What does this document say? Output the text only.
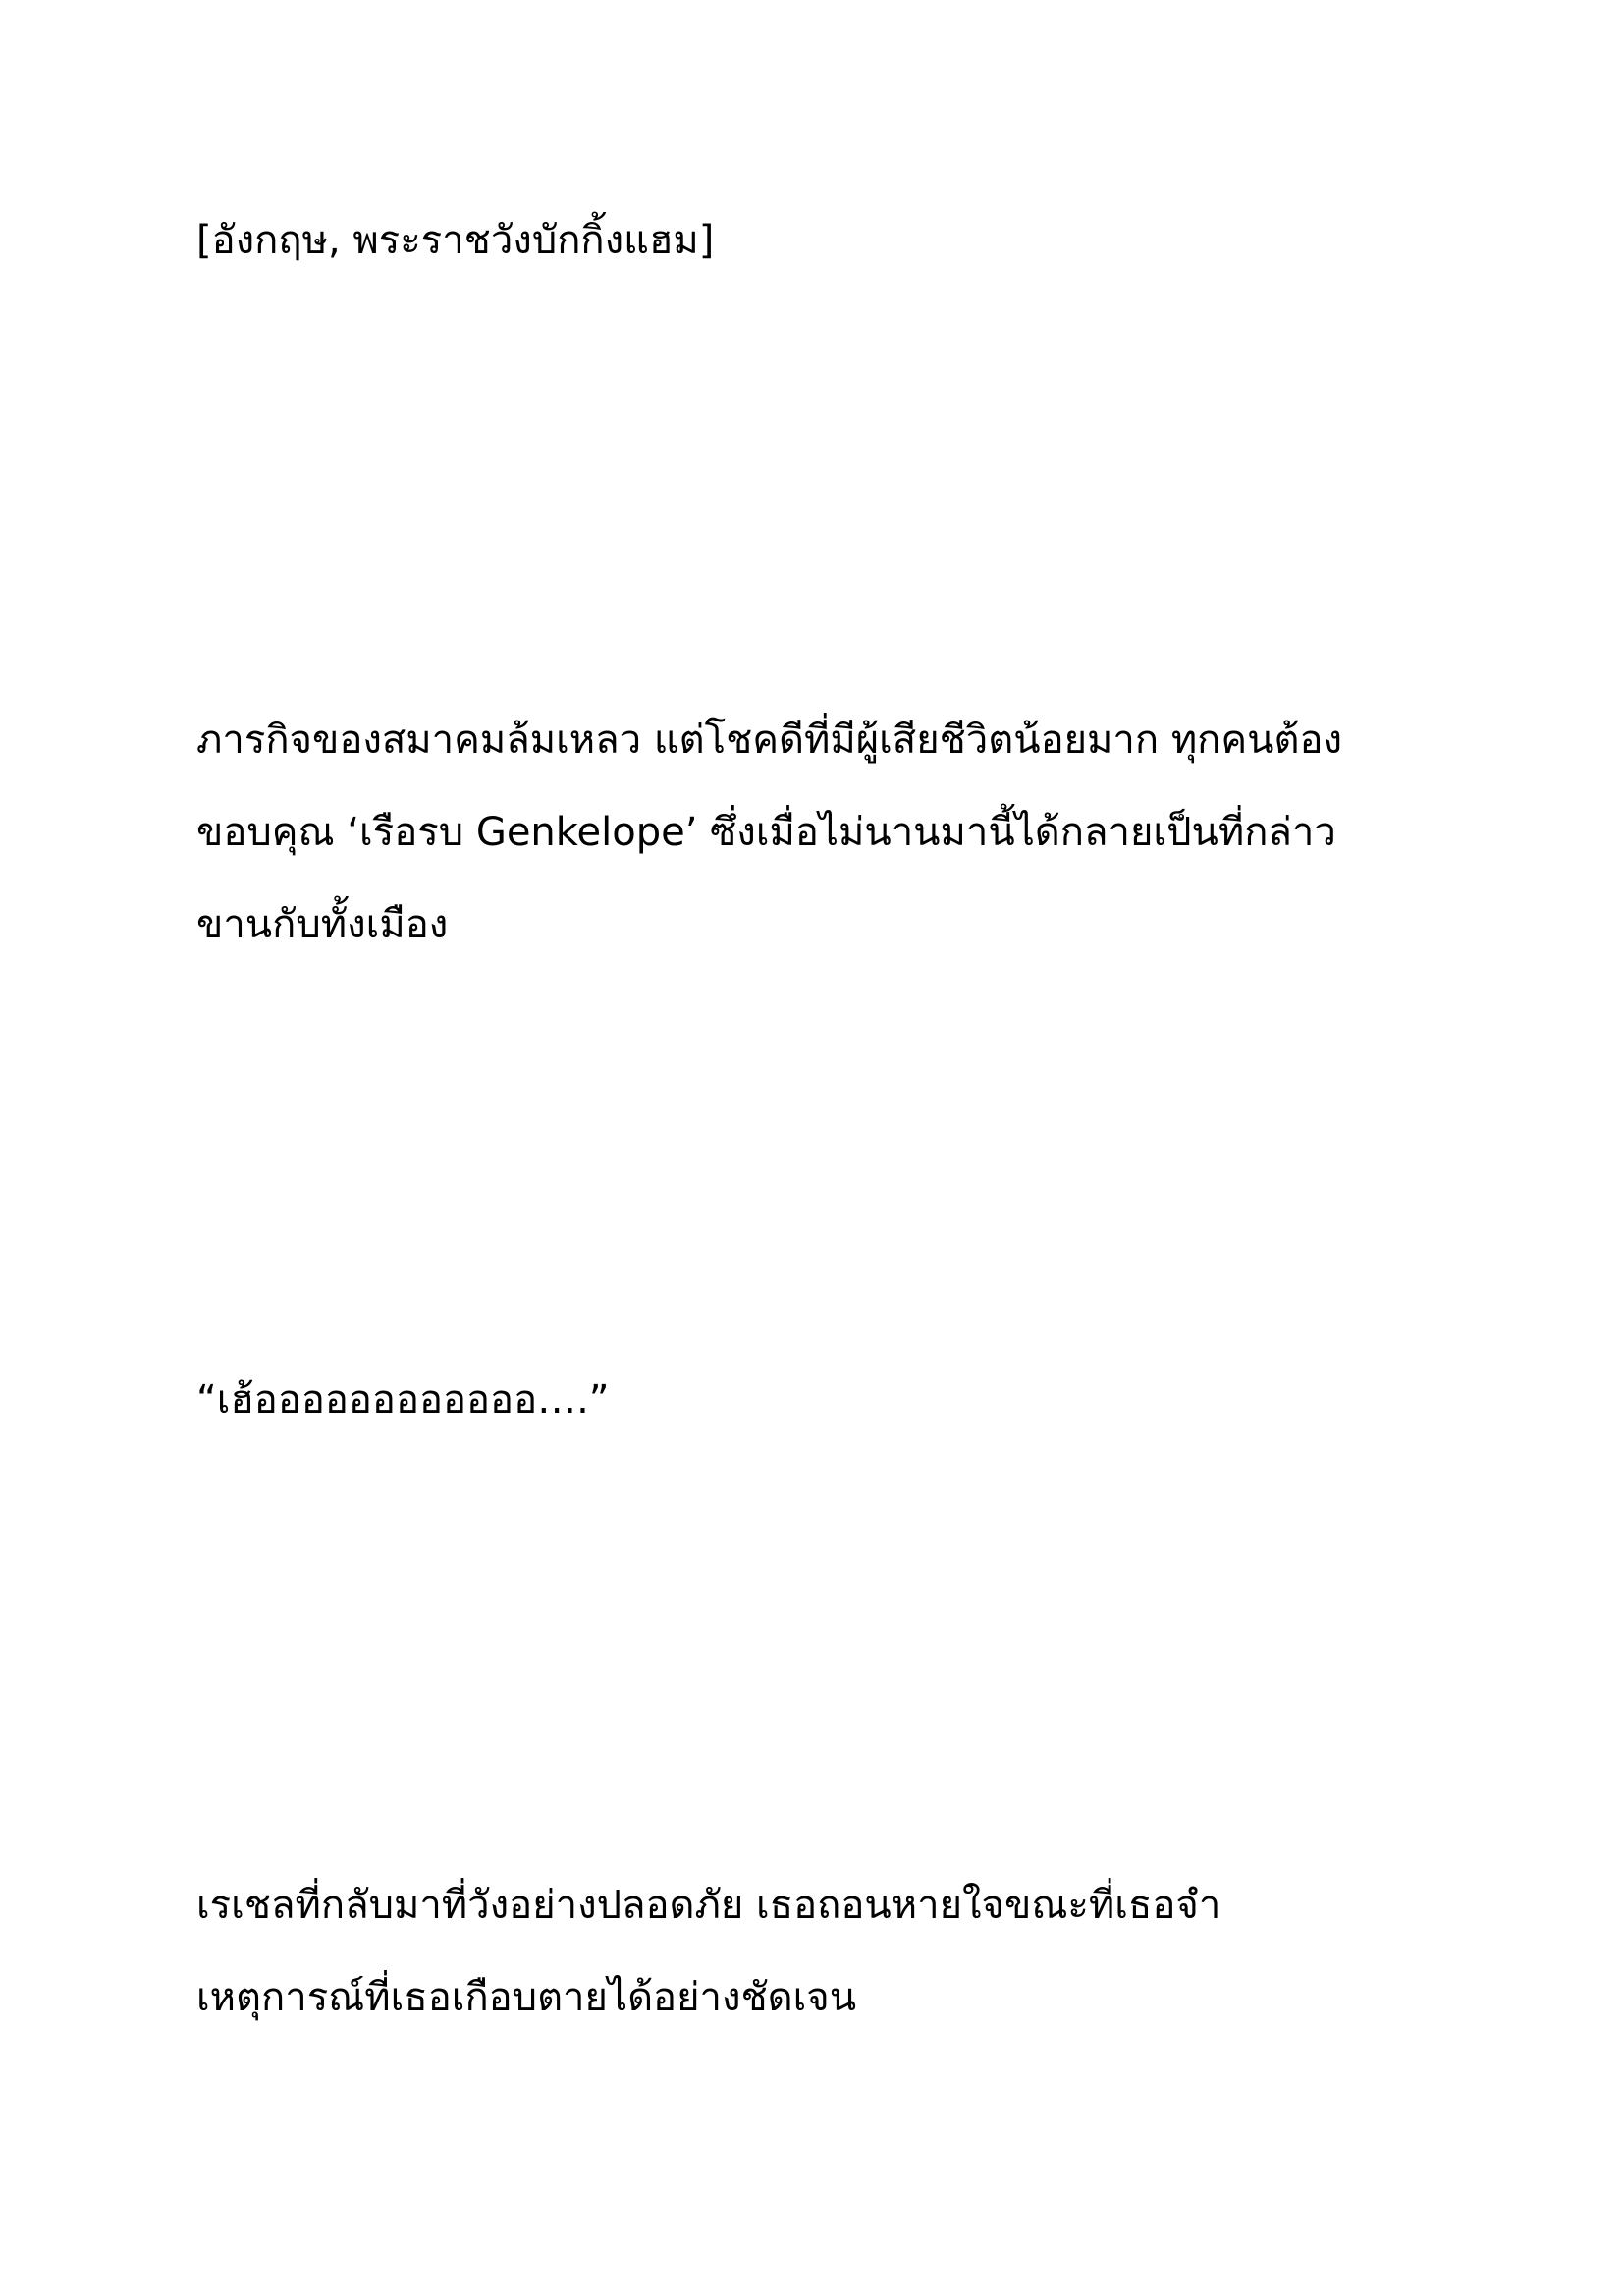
[อังกฤษ, พระราชวังบักกิ้งแฮม]

ภารกิจของสมาคมล้มเหลว แต่โชคดีที่มีผู้เสียชีวิตน้อยมาก ทุกคนต้อง
ขอบคุณ ‘เรือรบ Genkelope’ ซึ่งเมื่อไม่นานมานี้ได้กลายเป็นที่กล่าว
ขานกับทั้งเมือง

“เฮ้ออออออออออออ….”

เรเชลที่กลับมาที่วังอย่างปลอดภัย เธอถอนหายใจขณะที่เธอจำ
เหตุการณ์ที่เธอเกือบตายได้อย่างชัดเจน
